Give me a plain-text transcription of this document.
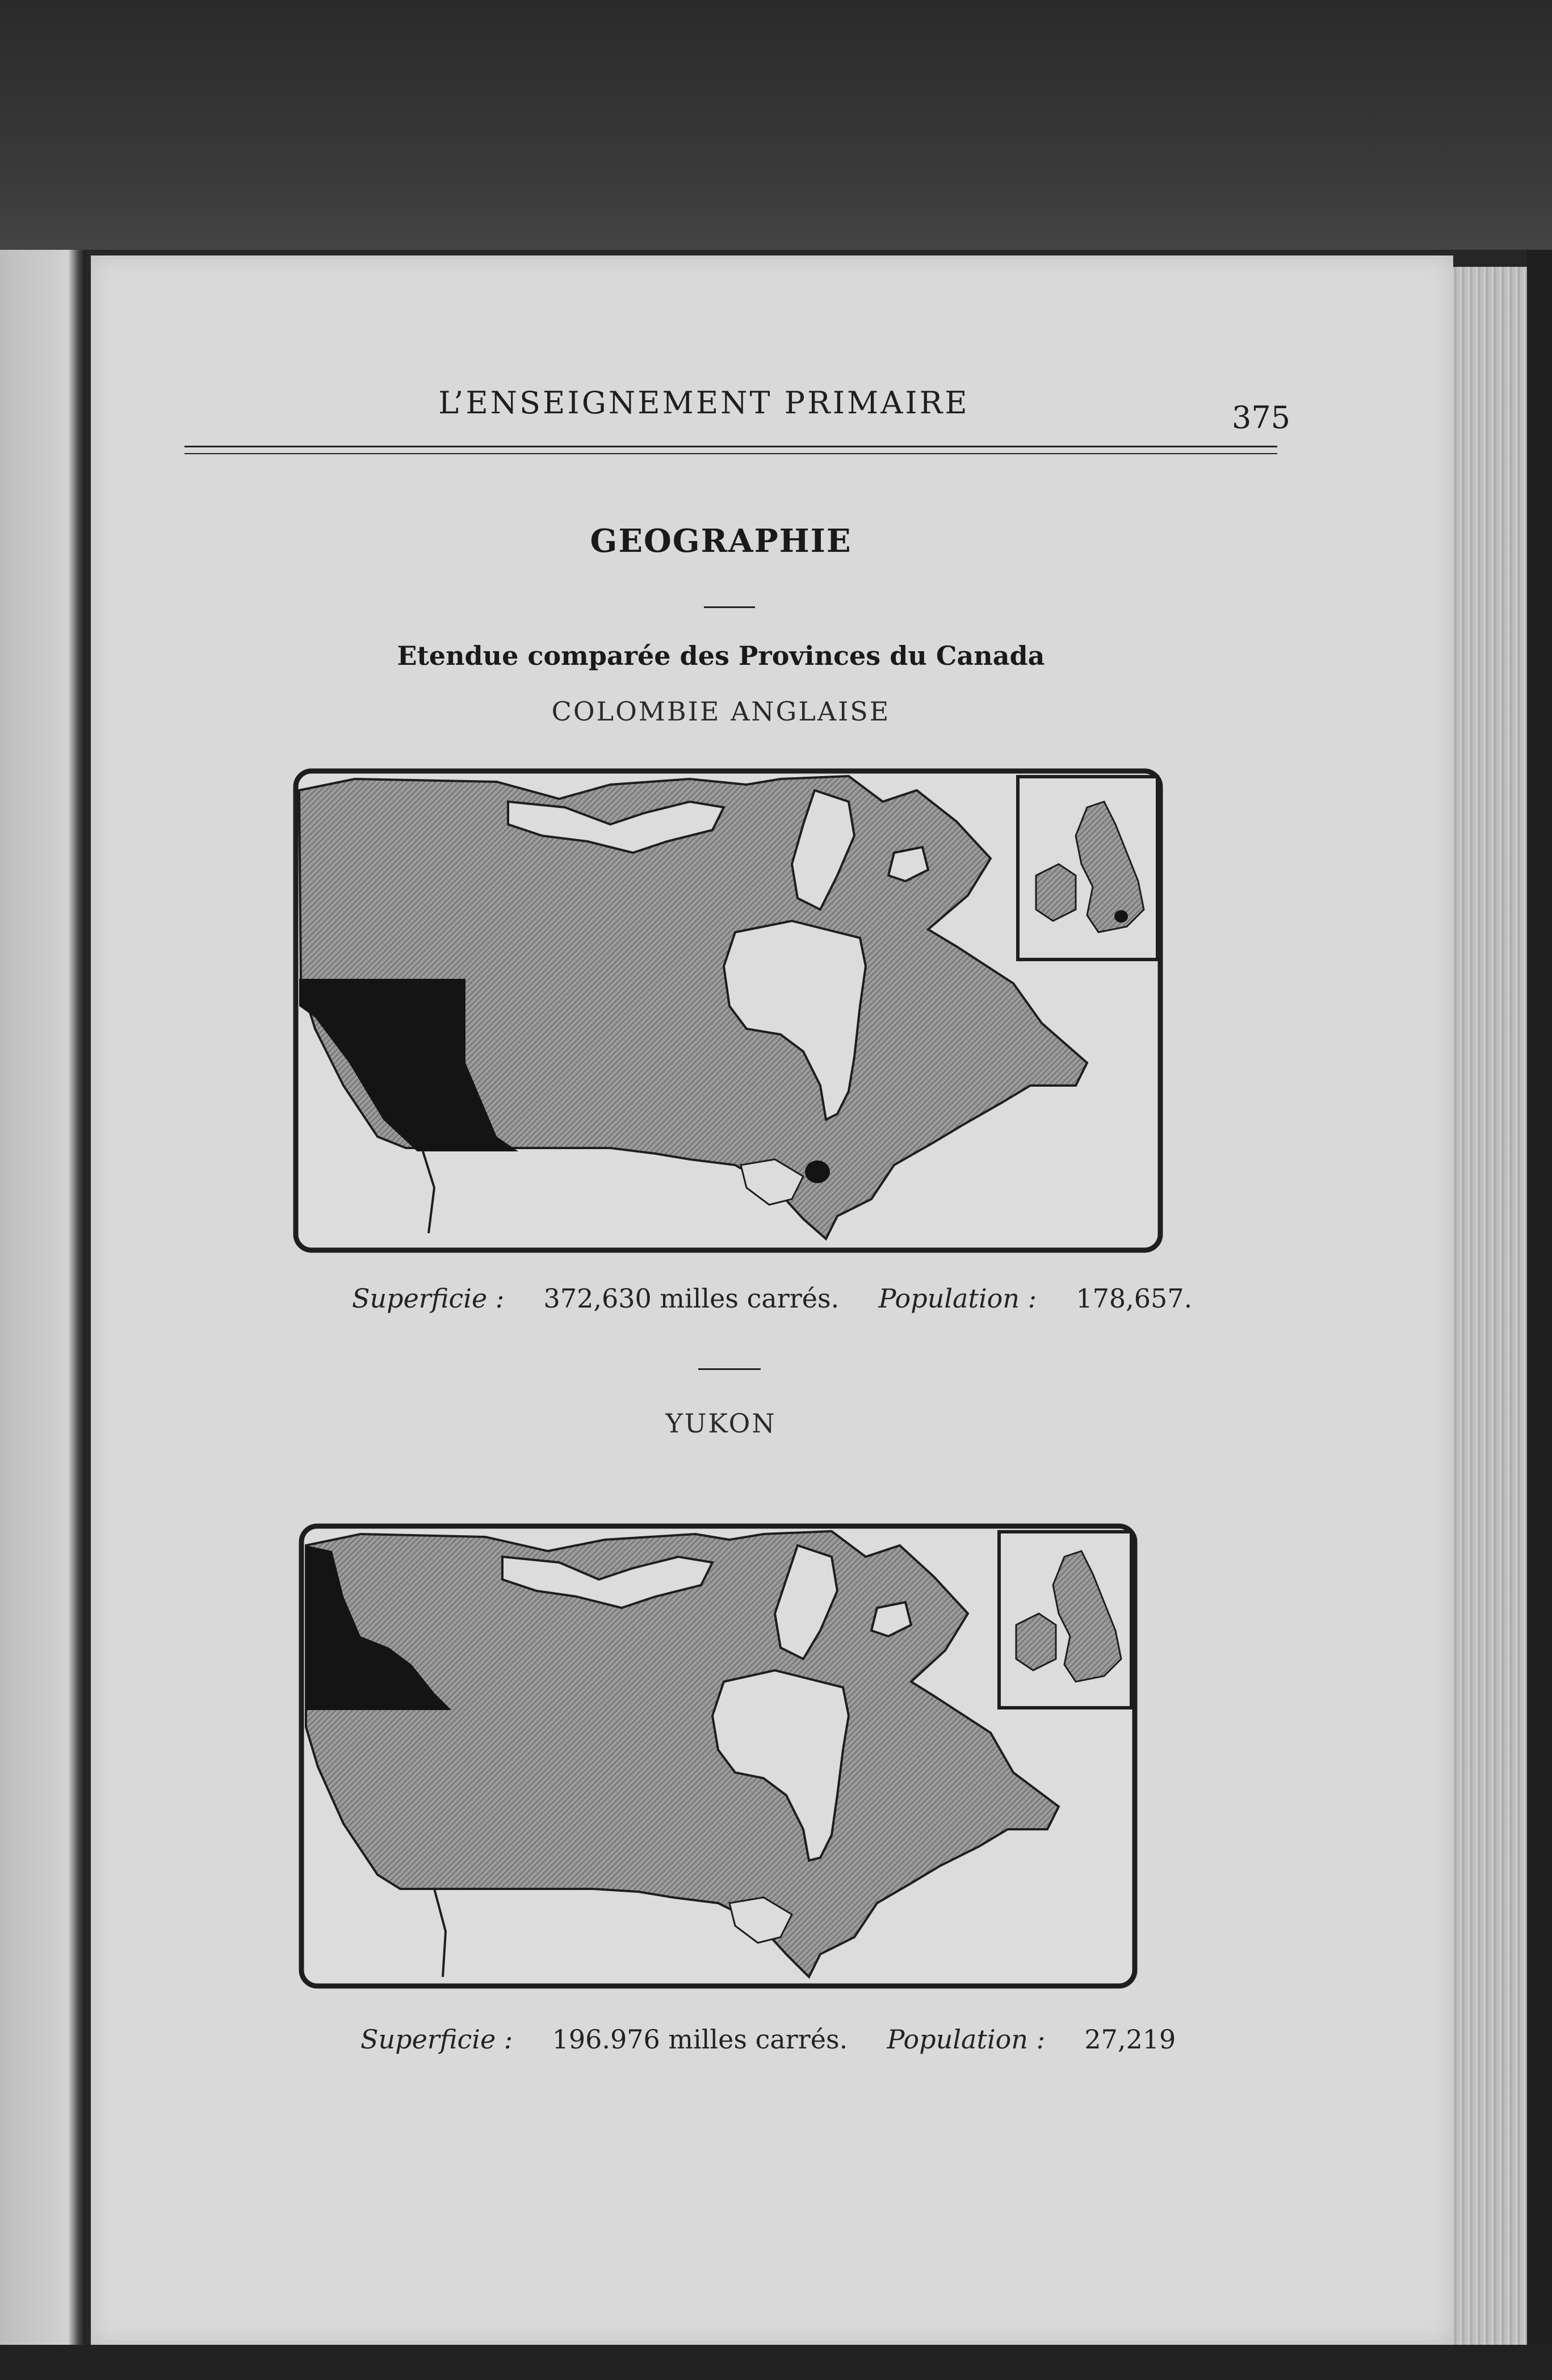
L’ENSEIGNEMENT PRIMAIRE	375
GEOGRAPHIE
Etendue comparée des Provinces du Canada
COLOMBIE ANGLAISE
Superficie : 372,630 milles carrés. Population : 178,657.
YUKON
Superficie : 196.976 milles carrés. Population : 27,219
